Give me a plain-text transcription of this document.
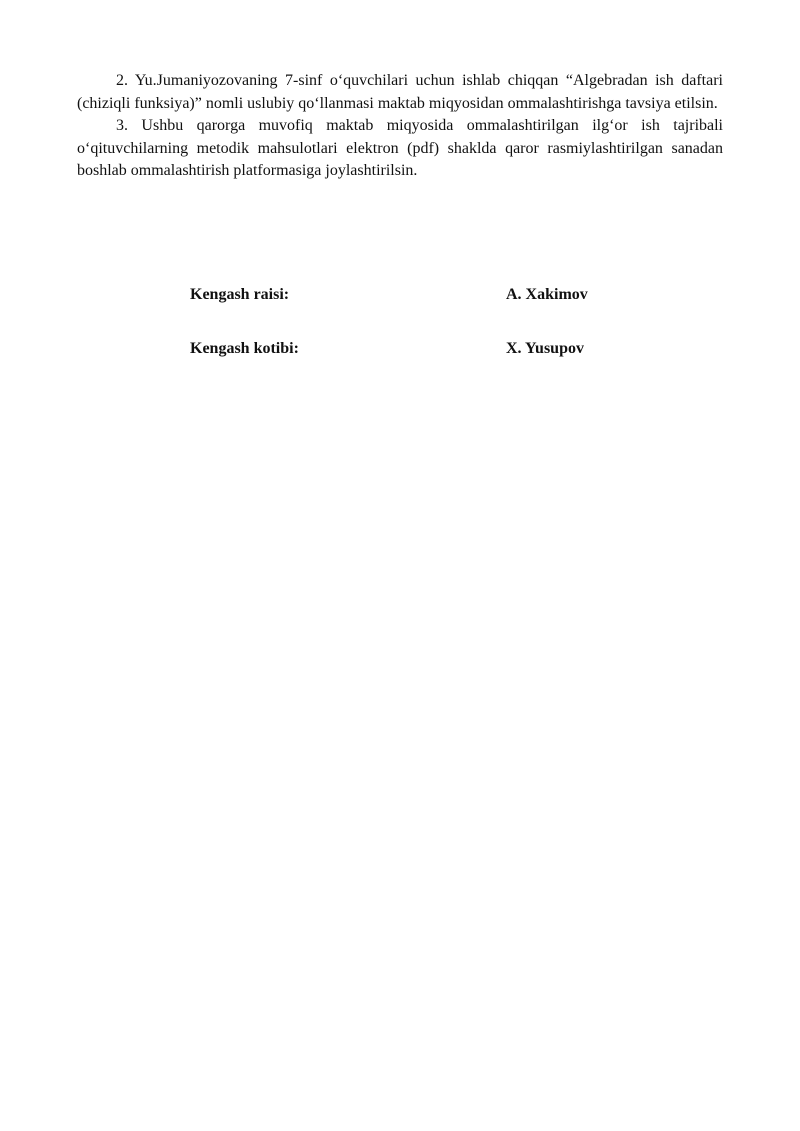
2. Yu.Jumaniyozovaning 7-sinf o‘quvchilari uchun ishlab chiqqan “Algebradan ish daftari (chiziqli funksiya)” nomli uslubiy qo‘llanmasi maktab miqyosidan ommalashtirishga tavsiya etilsin.

3. Ushbu qarorga muvofiq maktab miqyosida ommalashtirilgan ilg‘or ish tajribali o‘qituvchilarning metodik mahsulotlari elektron (pdf) shaklda qaror rasmiylashtirilgan sanadan boshlab ommalashtirish platformasiga joylashtirilsin.

Kengash raisi:	A. Xakimov
Kengash kotibi:	X. Yusupov
